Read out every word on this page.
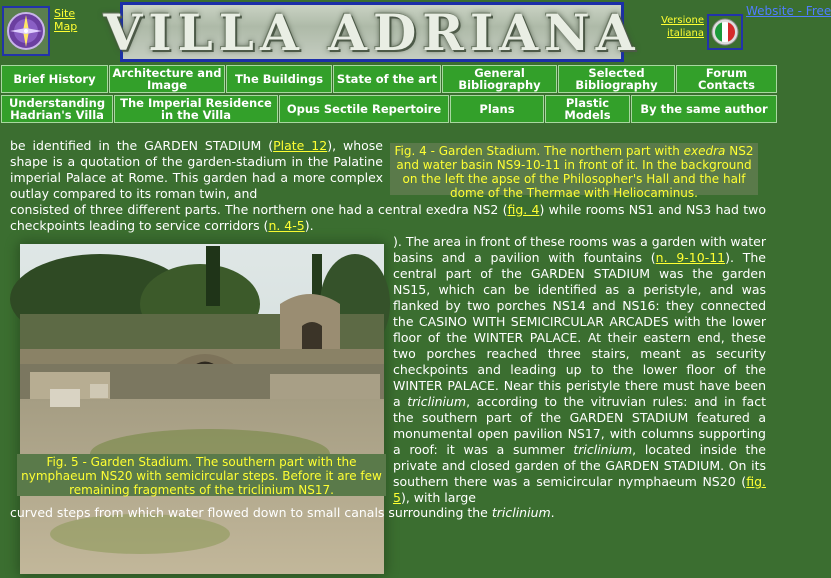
Site Map VILLA ADRIANA	Versione italiana
Website - Free
Brief History	Architecture and Image	The Buildings	State of the art	General Bibliography
Selected Bibliography
Forum Contacts
Understanding Hadrian's Villa
The Imperial Residence in the Villa	Opus Sectile Repertoire	Plans	Plastic Models	By the same author
be identified in the GARDEN STADIUM (Plate 12), whose shape is a quotation of the garden-stadium in the Palatine imperial Palace at Rome. This garden had a more complex outlay compared to its roman twin, and
Fig. 4 - Garden Stadium. The northern part with exedra NS2 and water basin NS9-10-11 in front of it. In the background on the left the apse of the Philosopher's Hall and the half dome of the Thermae with Heliocaminus.
consisted of three different parts. The northern one had a central exedra NS2 (fig. 4) while rooms NS1 and NS3 had two checkpoints leading to service corridors (n. 4-5).
). The area in front of these rooms was a garden with water basins and a pavilion with fountains (n. 9-10-11). The central part of the GARDEN STADIUM was the garden NS15, which can be identified as a peristyle, and was flanked by two porches NS14 and NS16: they connected the CASINO WITH SEMICIRCULAR ARCADES with the lower floor of the WINTER PALACE. At their eastern end, these two porches reached three stairs, meant as security checkpoints and leading up to the lower floor of the WINTER PALACE. Near this peristyle there must have been a triclinium, according to the vitruvian rules: and in fact the southern part of the GARDEN STADIUM featured a monumental open pavilion NS17, with columns supporting a roof: it was a summer triclinium, located inside the private and closed garden of the GARDEN STADIUM. On its southern there was a semicircular nymphaeum NS20 (fig. 5), with large
Fig. 5 - Garden Stadium. The southern part with the nymphaeum NS20 with semicircular steps. Before it are few remaining fragments of the triclinium NS17.
curved steps from which water flowed down to small canals surrounding the triclinium.
